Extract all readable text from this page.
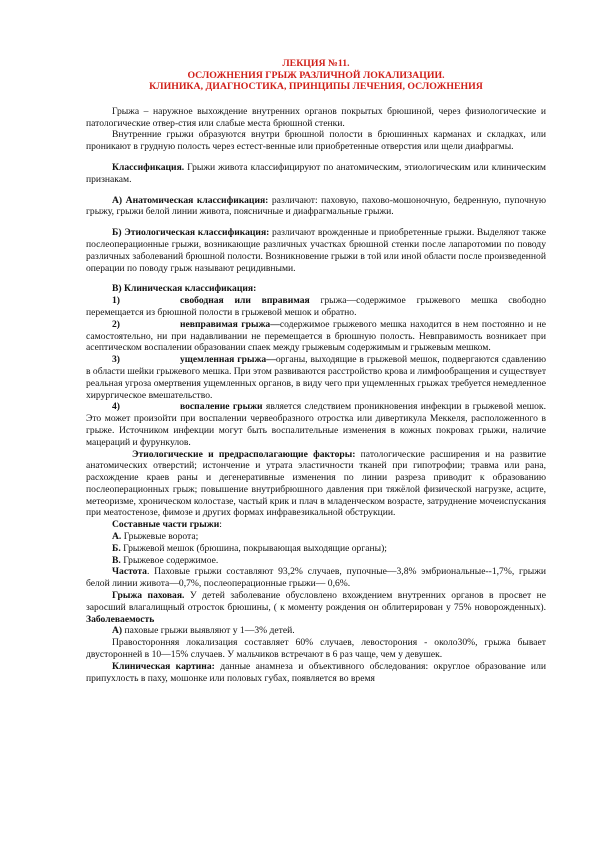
ЛЕКЦИЯ №11.

ОСЛОЖНЕНИЯ ГРЫЖ РАЗЛИЧНОЙ ЛОКАЛИЗАЦИИ.

КЛИНИКА, ДИАГНОСТИКА, ПРИНЦИПЫ ЛЕЧЕНИЯ, ОСЛОЖНЕНИЯ

Грыжа – наружное выхождение внутренних органов покрытых брюшиной, через физиологические и патологические отвер-стия или слабые места брюшной стенки.

Внутренние грыжи образуются внутри брюшной полости в брюшинных карманах и складках, или проникают в грудную полость через естест-венные или приобретенные отверстия или щели диафрагмы.

Классификация. Грыжи живота классифицируют по анатомическим, этиологическим или клиническим признакам.

А) Анатомическая классификация: различают: паховую, пахово-мошоночную, бедренную, пупочную грыжу, грыжи белой линии живота, поясничные и диафрагмальные грыжи.

Б) Этиологическая классификация: различают врожденные и приобретенные грыжи. Выделяют также послеоперационные грыжи, возникающие различных участках брюшной стенки после лапаротомии по поводу различных заболеваний брюшной полости. Возникновение грыжи в той или иной области после произведенной операции по поводу грыж называют рецидивными.

В) Клиническая классификация:

1)	свободная или вправимая грыжа—содержимое грыжевого мешка свободно перемещается из брюшной полости в грыжевой мешок и обратно.

2)	невправимая грыжа—содержимое грыжевого мешка находится в нем постоянно и не самостоятельно, ни при надавливании не перемещается в брюшную полость. Невправимость возникает при асептическом воспалении образовании спаек между грыжевым содержимым и грыжевым мешком.

3)	ущемленная грыжа—органы, выходящие в грыжевой мешок, подвергаются сдавлению в области шейки грыжевого мешка. При этом развиваются расстройство крова и лимфообращения и существует реальная угроза омертвения ущемленных органов, в виду чего при ущемленных грыжах требуется немедленное хирургическое вмешательство.

4)	воспаление грыжи является следствием проникновения инфекции в грыжевой мешок. Это может произойти при воспалении червеобразного отростка или дивертикула Меккеля, расположенного в грыже. Источником инфекции могут быть воспалительные изменения в кожных покровах грыжи, наличие мацераций и фурункулов.

Этиологические и предрасполагающие факторы: патологические расширения и на развитие анатомических отверстий; истончение и утрата эластичности тканей при гипотрофии; травма или рана, расхождение краев раны и дегенеративные изменения по линии разреза приводит к образованию послеоперационных грыж; повышение внутрибрюшного давления при тяжёлой физической нагрузке, асците, метеоризме, хроническом колостазе, частый крик и плач в младенческом возрасте, затруднение мочеиспускания при меатостенозе, фимозе и других формах инфравезикальной обструкции.

Составные части грыжи:

А. Грыжевые ворота;

Б. Грыжевой мешок (брюшина, покрывающая выходящие органы);

В. Грыжевое содержимое.

Частота. Паховые грыжи составляют 93,2% случаев, пупочные—3,8% эмбриональные--1,7%, грыжи белой линии живота—0,7%, послеоперационные грыжи— 0,6%.

Грыжа паховая. У детей заболевание обусловлено вхождением внутренних органов в просвет не заросший влагалищный отросток брюшины, ( к моменту рождения он облитерирован у 75% новорожденных). Заболеваемость

А) паховые грыжи выявляют у 1—3% детей.

Правосторонняя локализация составляет 60% случаев, левосторония - около30%, грыжа бывает двусторонней в 10—15% случаев. У мальчиков встречают в 6 раз чаще, чем у девушек.

Клиническая картина: данные анамнеза и объективного обследования: округлое образование или припухлость в паху, мошонке или половых губах, появляется во время
